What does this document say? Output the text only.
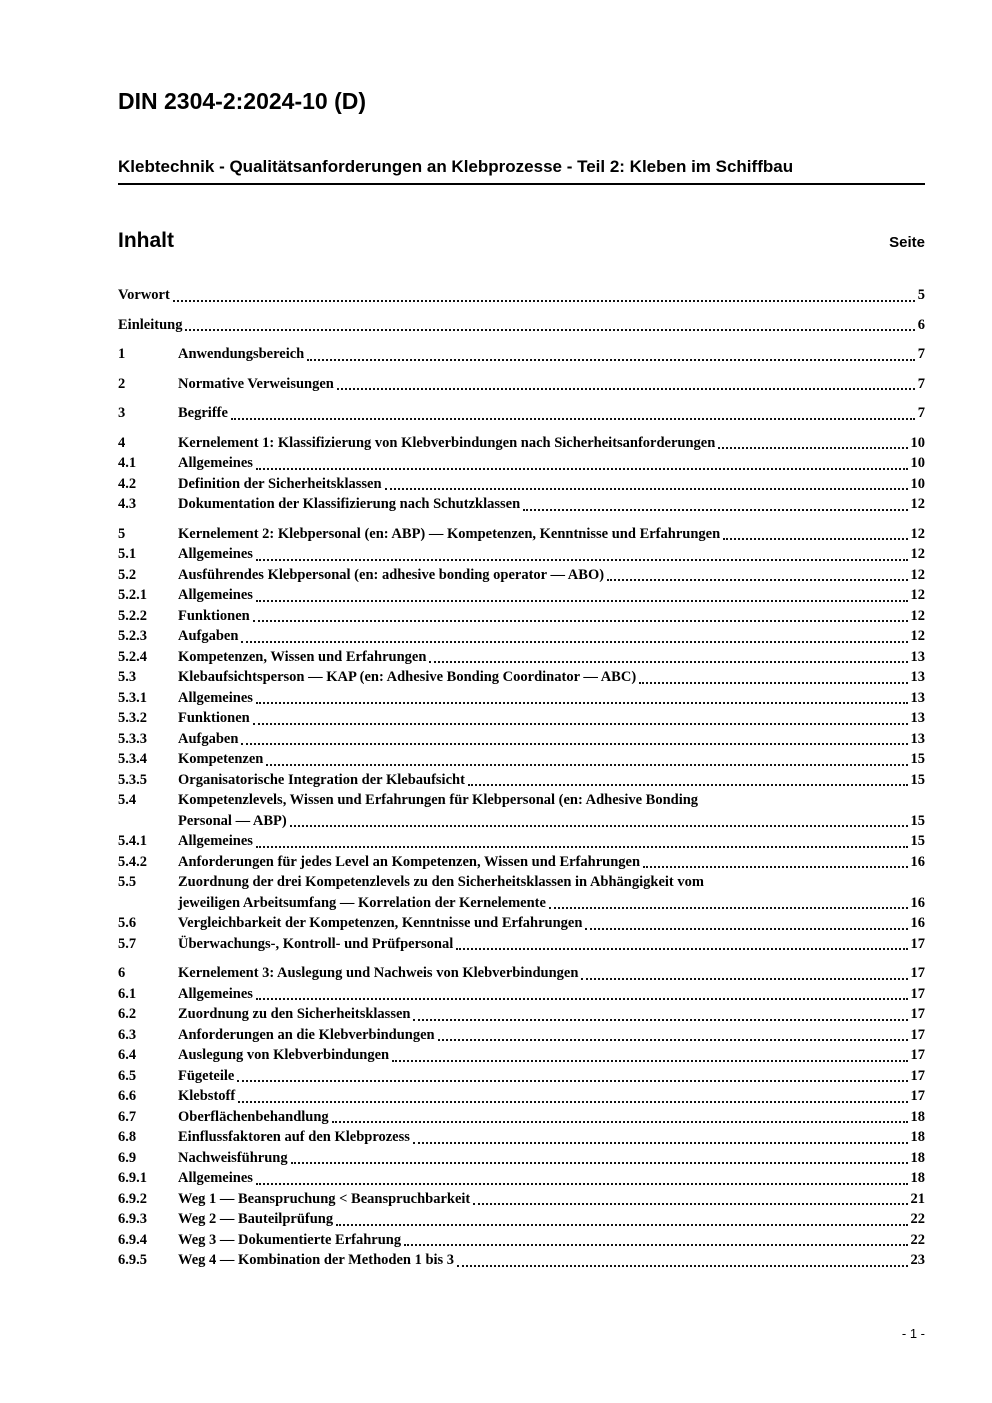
DIN 2304-2:2024-10 (D)
Klebtechnik - Qualitätsanforderungen an Klebprozesse - Teil 2: Kleben im Schiffbau
Inhalt	Seite
Vorwort	5
Einleitung	6
1	Anwendungsbereich	7
2	Normative Verweisungen	7
3	Begriffe	7
4	Kernelement 1: Klassifizierung von Klebverbindungen nach Sicherheitsanforderungen	10
4.1	Allgemeines	10
4.2	Definition der Sicherheitsklassen	10
4.3	Dokumentation der Klassifizierung nach Schutzklassen	12
5	Kernelement 2: Klebpersonal (en: ABP) — Kompetenzen, Kenntnisse und Erfahrungen	12
5.1	Allgemeines	12
5.2	Ausführendes Klebpersonal (en: adhesive bonding operator — ABO)	12
5.2.1	Allgemeines	12
5.2.2	Funktionen	12
5.2.3	Aufgaben	12
5.2.4	Kompetenzen, Wissen und Erfahrungen	13
5.3	Klebaufsichtsperson — KAP (en: Adhesive Bonding Coordinator — ABC)	13
5.3.1	Allgemeines	13
5.3.2	Funktionen	13
5.3.3	Aufgaben	13
5.3.4	Kompetenzen	15
5.3.5	Organisatorische Integration der Klebaufsicht	15
5.4	Kompetenzlevels, Wissen und Erfahrungen für Klebpersonal (en: Adhesive Bonding
Personal — ABP)	15
5.4.1	Allgemeines	15
5.4.2	Anforderungen für jedes Level an Kompetenzen, Wissen und Erfahrungen	16
5.5	Zuordnung der drei Kompetenzlevels zu den Sicherheitsklassen in Abhängigkeit vom
jeweiligen Arbeitsumfang — Korrelation der Kernelemente	16
5.6	Vergleichbarkeit der Kompetenzen, Kenntnisse und Erfahrungen	16
5.7	Überwachungs-, Kontroll- und Prüfpersonal	17
6	Kernelement 3: Auslegung und Nachweis von Klebverbindungen	17
6.1	Allgemeines	17
6.2	Zuordnung zu den Sicherheitsklassen	17
6.3	Anforderungen an die Klebverbindungen	17
6.4	Auslegung von Klebverbindungen	17
6.5	Fügeteile	17
6.6	Klebstoff	17
6.7	Oberflächenbehandlung	18
6.8	Einflussfaktoren auf den Klebprozess	18
6.9	Nachweisführung	18
6.9.1	Allgemeines	18
6.9.2	Weg 1 — Beanspruchung < Beanspruchbarkeit	21
6.9.3	Weg 2 — Bauteilprüfung	22
6.9.4	Weg 3 — Dokumentierte Erfahrung	22
6.9.5	Weg 4 — Kombination der Methoden 1 bis 3	23
- 1 -
